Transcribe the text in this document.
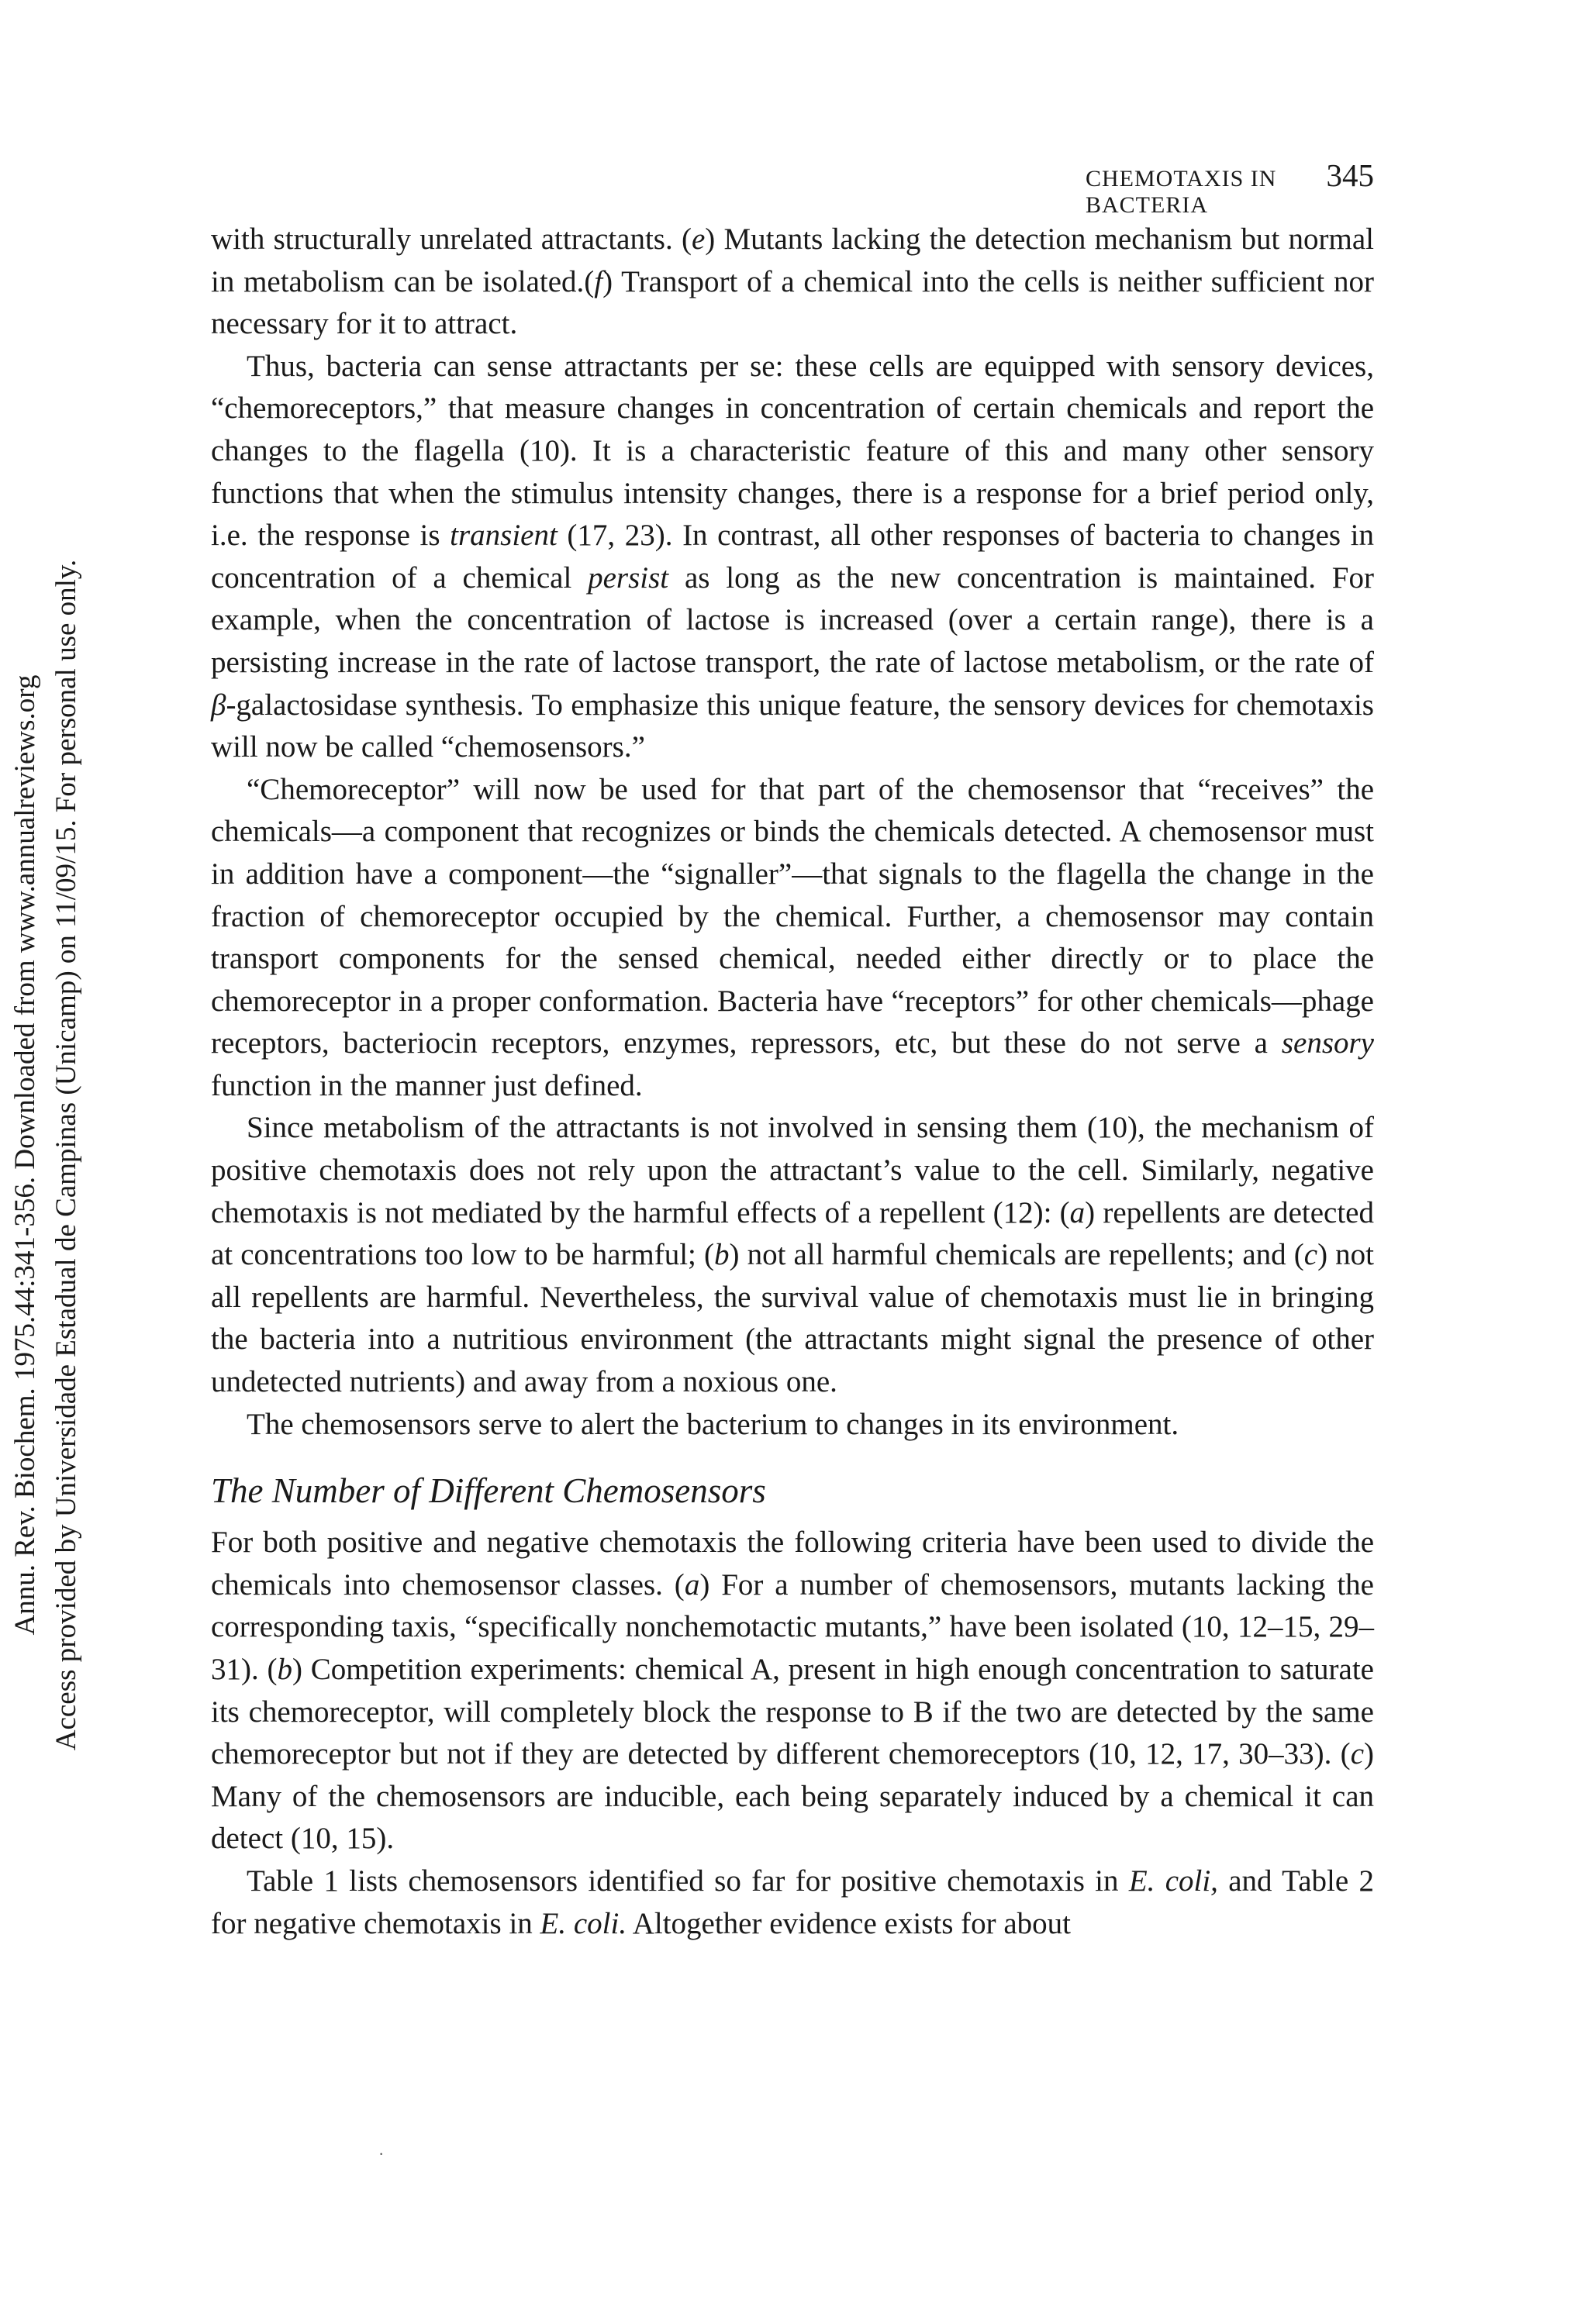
Annu. Rev. Biochem. 1975.44:341-356. Downloaded from www.annualreviews.org Access provided by Universidade Estadual de Campinas (Unicamp) on 11/09/15. For personal use only.
CHEMOTAXIS IN BACTERIA
345

with structurally unrelated attractants. (e) Mutants lacking the detection mechanism but normal in metabolism can be isolated.(f) Transport of a chemical into the cells is neither sufficient nor necessary for it to attract.

Thus, bacteria can sense attractants per se: these cells are equipped with sensory devices, “chemoreceptors,” that measure changes in concentration of certain chemicals and report the changes to the flagella (10). It is a characteristic feature of this and many other sensory functions that when the stimulus intensity changes, there is a response for a brief period only, i.e. the response is transient (17, 23). In contrast, all other responses of bacteria to changes in concentration of a chemical persist as long as the new concentration is maintained. For example, when the concentration of lactose is increased (over a certain range), there is a persisting increase in the rate of lactose transport, the rate of lactose metabolism, or the rate of β-galactosidase synthesis. To emphasize this unique feature, the sensory devices for chemotaxis will now be called “chemosensors.”

“Chemoreceptor” will now be used for that part of the chemosensor that “receives” the chemicals—a component that recognizes or binds the chemicals detected. A chemosensor must in addition have a component—the “signaller”—that signals to the flagella the change in the fraction of chemoreceptor occupied by the chemical. Further, a chemosensor may contain transport components for the sensed chemical, needed either directly or to place the chemoreceptor in a proper conformation. Bacteria have “receptors” for other chemicals—phage receptors, bacteriocin receptors, enzymes, repressors, etc, but these do not serve a sensory function in the manner just defined.

Since metabolism of the attractants is not involved in sensing them (10), the mechanism of positive chemotaxis does not rely upon the attractant’s value to the cell. Similarly, negative chemotaxis is not mediated by the harmful effects of a repellent (12): (a) repellents are detected at concentrations too low to be harmful; (b) not all harmful chemicals are repellents; and (c) not all repellents are harmful. Nevertheless, the survival value of chemotaxis must lie in bringing the bacteria into a nutritious environment (the attractants might signal the presence of other undetected nutrients) and away from a noxious one.

The chemosensors serve to alert the bacterium to changes in its environment.

The Number of Different Chemosensors

For both positive and negative chemotaxis the following criteria have been used to divide the chemicals into chemosensor classes. (a) For a number of chemosensors, mutants lacking the corresponding taxis, “specifically nonchemotactic mutants,” have been isolated (10, 12–15, 29–31). (b) Competition experiments: chemical A, present in high enough concentration to saturate its chemoreceptor, will completely block the response to B if the two are detected by the same chemoreceptor but not if they are detected by different chemoreceptors (10, 12, 17, 30–33). (c) Many of the chemosensors are inducible, each being separately induced by a chemical it can detect (10, 15).

Table 1 lists chemosensors identified so far for positive chemotaxis in E. coli, and Table 2 for negative chemotaxis in E. coli. Altogether evidence exists for about

·
